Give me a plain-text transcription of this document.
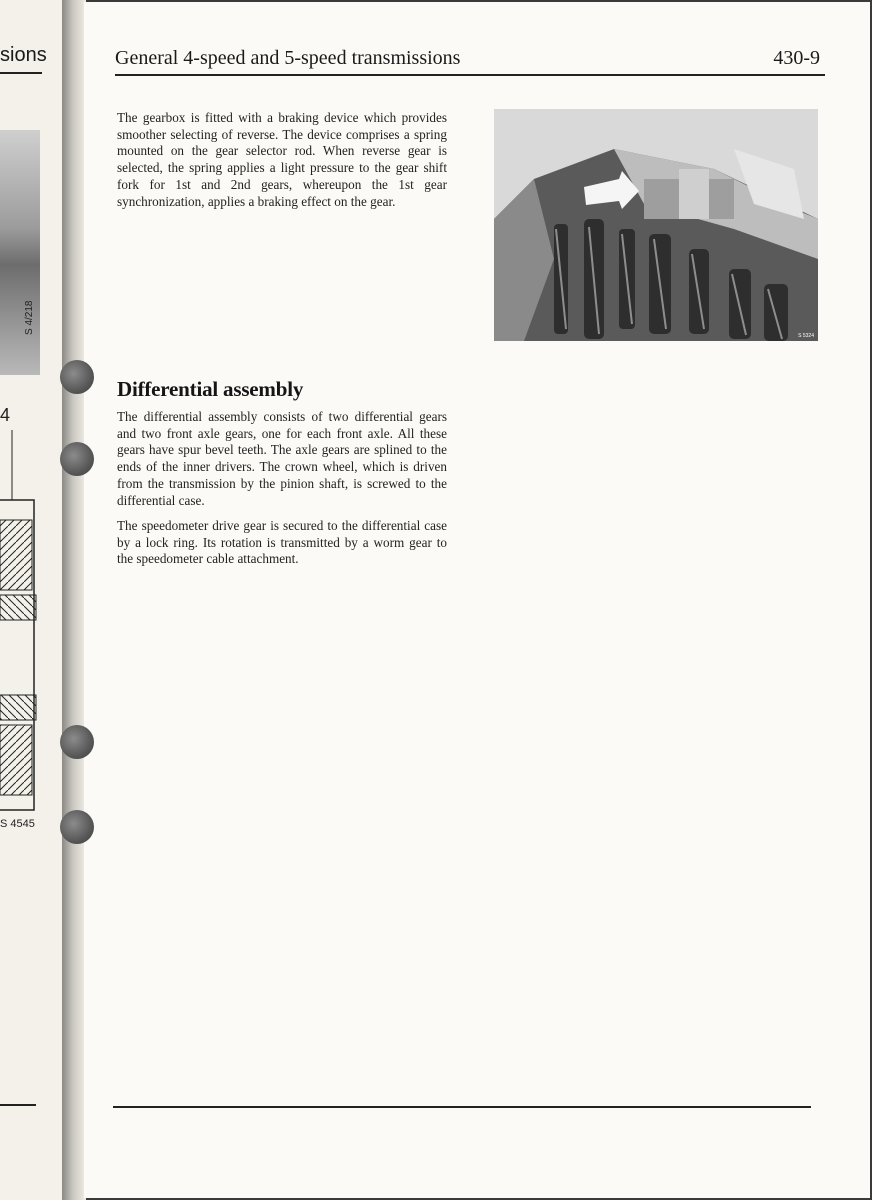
sions
S 4/218
4
S 4545
General 4-speed and 5-speed transmissions	430-9

The gearbox is fitted with a braking device which provides smoother selecting of reverse. The device comprises a spring mounted on the gear selector rod. When reverse gear is selected, the spring applies a light pressure to the gear shift fork for 1st and 2nd gears, whereupon the 1st gear synchronization, applies a braking effect on the gear.

S 5324
Differential assembly

The differential assembly consists of two differential gears and two front axle gears, one for each front axle. All these gears have spur bevel teeth. The axle gears are splined to the ends of the inner drivers. The crown wheel, which is driven from the transmission by the pinion shaft, is screwed to the differential case.

The speedometer drive gear is secured to the differential case by a lock ring. Its rotation is transmitted by a worm gear to the speedometer cable attachment.
